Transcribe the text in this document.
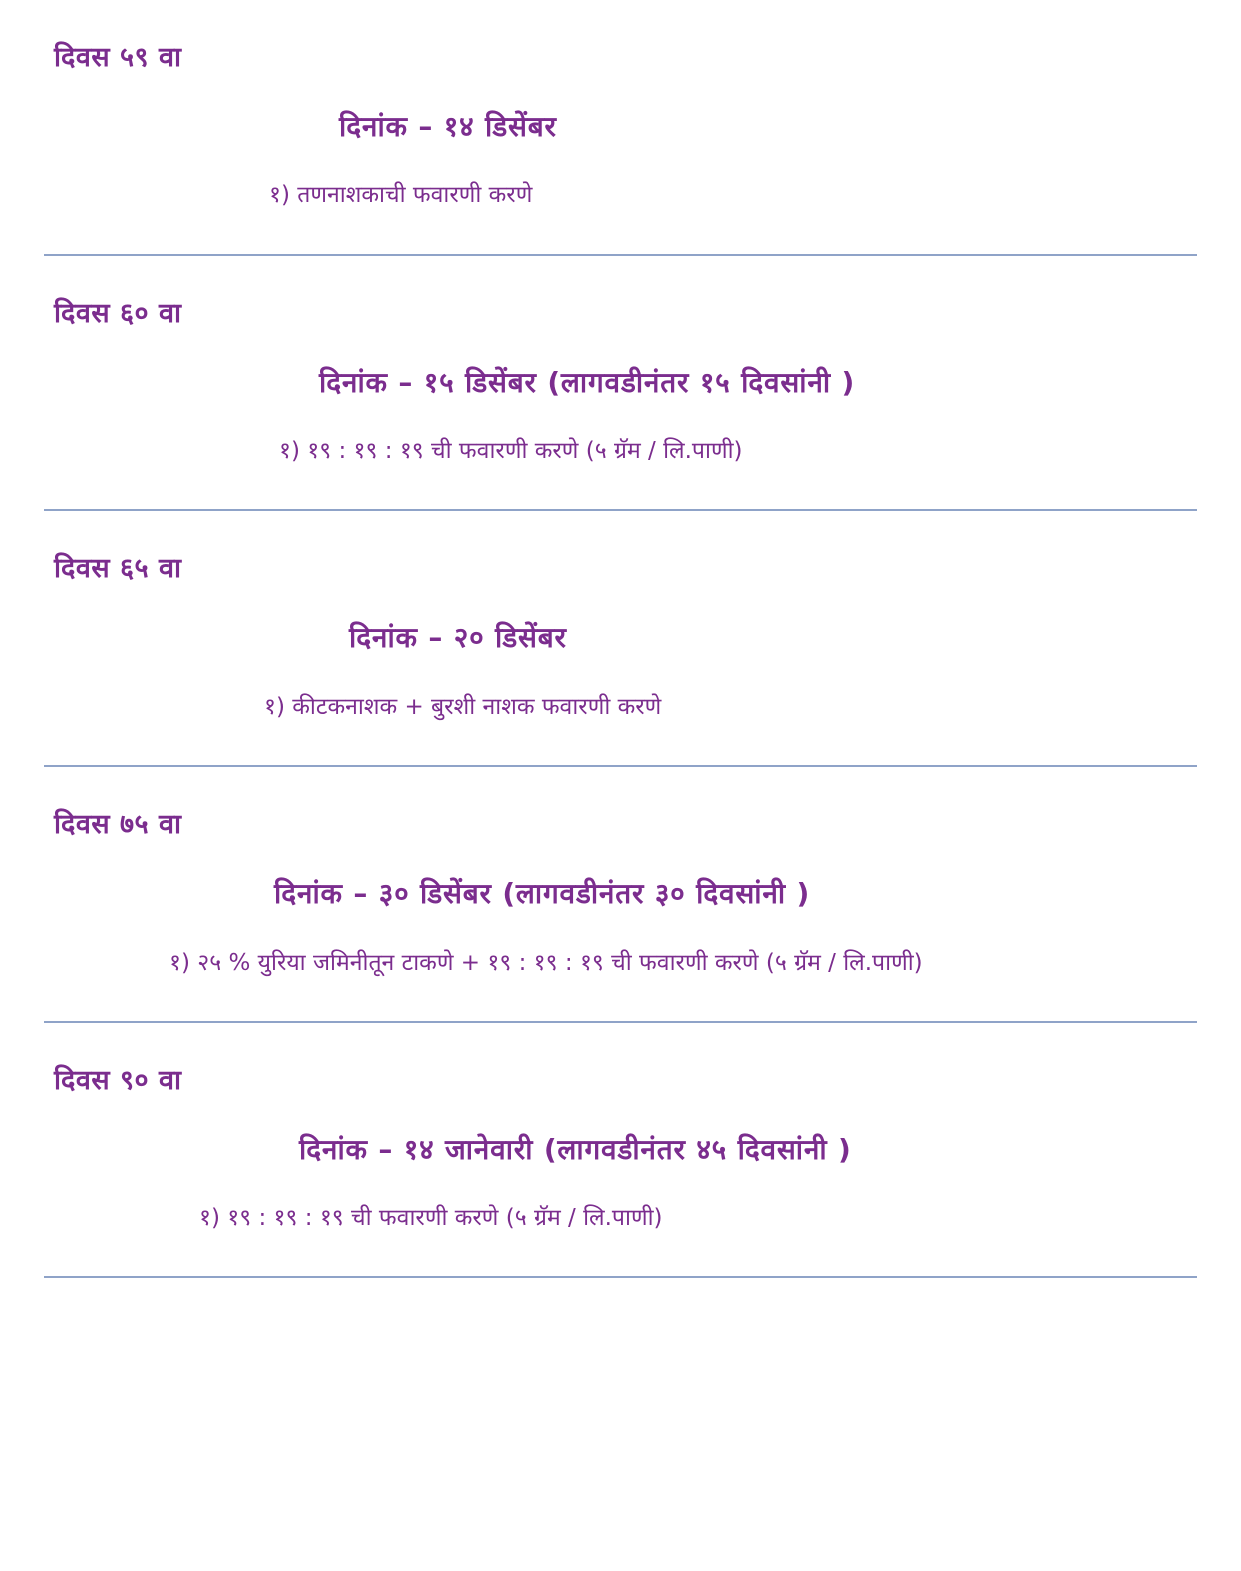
दिवस ५९ वा
दिनांक – १४ डिसेंबर
१) तणनाशकाची फवारणी करणे
दिवस ६० वा
दिनांक – १५ डिसेंबर (लागवडीनंतर १५ दिवसांनी )
१) १९ : १९ : १९ ची फवारणी करणे (५ ग्रॅम / लि.पाणी)
दिवस ६५ वा
दिनांक – २० डिसेंबर
१) कीटकनाशक + बुरशी नाशक फवारणी करणे
दिवस ७५ वा
दिनांक – ३० डिसेंबर (लागवडीनंतर ३० दिवसांनी )
१) २५ % युरिया जमिनीतून टाकणे + १९ : १९ : १९ ची फवारणी करणे (५ ग्रॅम / लि.पाणी)
दिवस ९० वा
दिनांक – १४ जानेवारी (लागवडीनंतर ४५ दिवसांनी )
१) १९ : १९ : १९ ची फवारणी करणे (५ ग्रॅम / लि.पाणी)
